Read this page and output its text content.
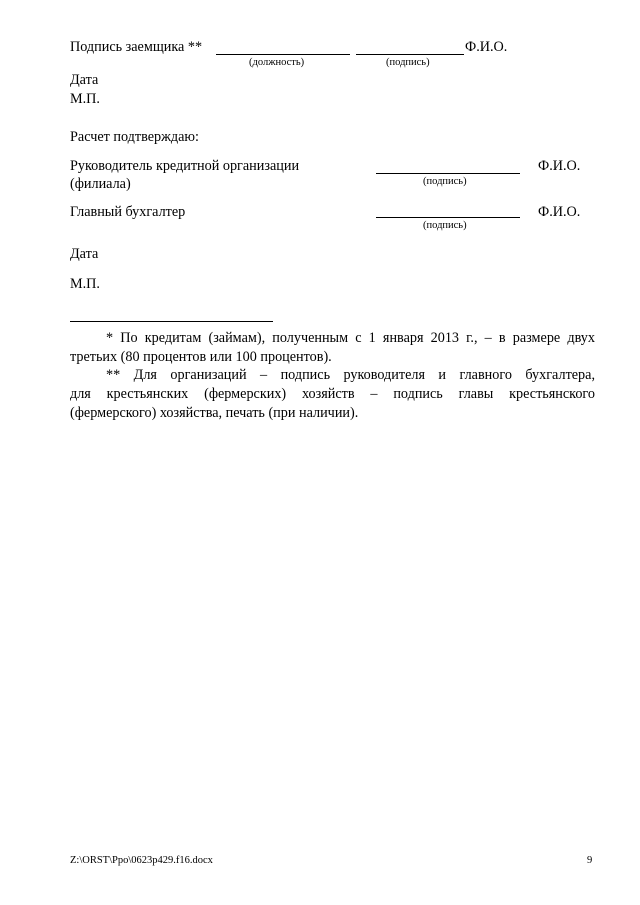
Подпись заемщика **	Ф.И.О.
(должность)	(подпись)
Дата
М.П.
Расчет подтверждаю:
Руководитель кредитной организации
(филиала)	(подпись)
Ф.И.О.
Главный бухгалтер
(подпись)
Ф.И.О.
Дата
М.П.
* По кредитам (займам), полученным с 1 января 2013 г., – в размере двух
третьих (80 процентов или 100 процентов).
** Для организаций – подпись руководителя и главного бухгалтера,
для крестьянских (фермерских) хозяйств – подпись главы крестьянского
(фермерского) хозяйства, печать (при наличии).
Z:\ORST\Ppo\0623p429.f16.docx	9
